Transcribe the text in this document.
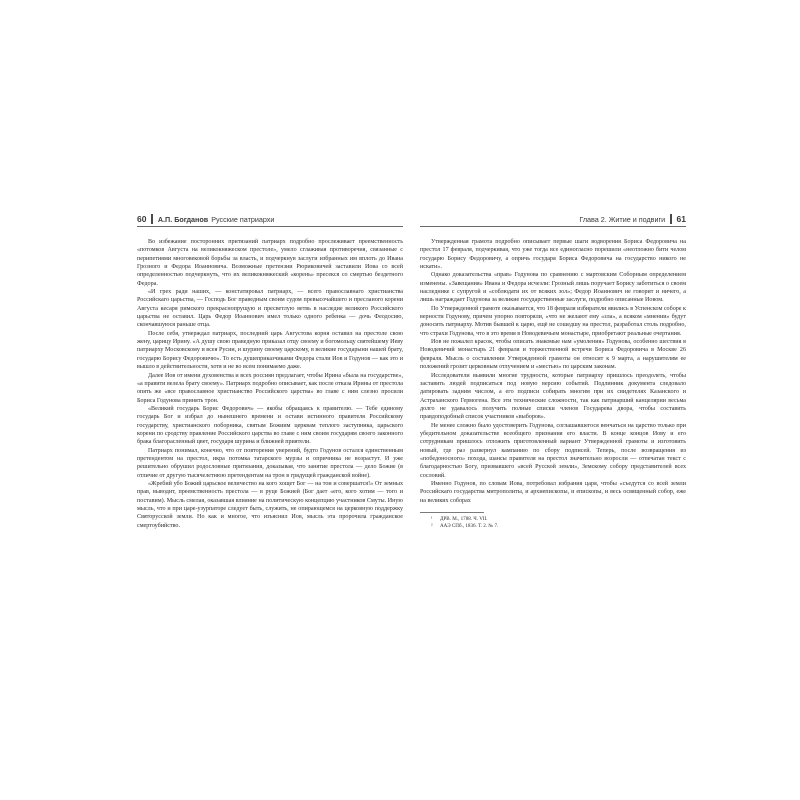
60 А.П. Богданов Русские патриархи

Во избежание посторонних притязаний патриарх подробно прослеживает преемственность «потомков Августа на великокняжеском престоле», умело сглаживая противоречия, связанные с перипетиями многовековой борьбы за власть, и подчеркнув заслуги избранных им вплоть до Ивана Грозного и Федора Иоанновича. Возможные претензии Рюриковичей заставили Иова со всей определенностью подчеркнуть, что их великокняжеский «корень» пресекся со смертью бездетного Федора.

«И грех ради наших, — констатировал патриарх, — всего православнаго христианства Российскаго царьства, — Господь Бог праведным своим судом превысочайшего и пресланого корени Августа кесаря римского прекраснопрущую и пресветлую ветвь в наследие великого Российского царьства не оставил. Царь Федор Иоаннович имел только одного ребенка — дочь Феодосию, скончавшуюся раньше отца.

После себя, утверждал патриарх, последний царь Августова корня оставил на престоле свою жену, царицу Ирину. «А душу свою праведную приказал отцу своему и богомольцу святейшему Иеву патриарху Московскому и всея Русии, и шурину своему царскому, в великие государыни нашей брату, государю Борису Федоровичю». То есть душеприказчиками Федора стали Иов и Годунов — как это и вышло в действительности, хотя и не во всем понимаемо даже.

Далее Иов от имени духовенства и всех россиян предлагает, чтобы Ирина «была на государстве», «а правити велела брату своему». Патриарх подробно описывает, как после отказа Ирины от престола опять же «все православное христианство Российского царства» во главе с ним слезно просили Бориса Годунова принять трон.

«Великий государь Борис Федорович» — якобы обращаясь к правителю. — Тебе единому государь Бог и избрал до нынешнего времени и остави истинного правителя Российскому государству, христианского поборника, святым Божиим церквам теплого заступника, царьского корени по сродству правление Российского царства во главе с ним своим государям своего законного брака благорасленный цвет, государя шурина и ближней приятели.

Патриарх понимал, конечно, что от повторения уверений, будто Годунов остался единственным претендентом на престол, икра потомка татарского мурзы и опричника не возрастут. И уже решительно обрушил родословные притязания, доказывая, что занятие престола — дело Божие (в отличие от другую тысячелетнюю претендентам на трон в грядущей гражданской войне).

«Жребий убо Божий царьское величество на кого хощет Бог — на тои и совершатся!» От земных прав, выводит, преемственность престола — в руце Божией (Бог дает «его, кого хотим — того и поставим). Мысль смелая, оказавшая влияние на политическую концепцию участников Смуты. Иную мысль, что и при царе-узурпаторе следует быть, служить, не опирающемся на церковную поддержку Святорусской земли. Но как и многое, что изъяснил Иов, мысль эта пророчила гражданское смертоубийство.

Глава 2. Житие и подвиги 61

Утвержденная грамота подробно описывает первые шаги водворения Бориса Федоровича на престол 17 февраля, подчеркивая, что уже тогда все единогласно порешили «неотложно бити челом государю Борису Федоровичу, а опричь государя Бориса Федоровича на государство никого не искати».

Однако доказательства «прав» Годунова по сравнению с мартовским Соборным определением изменены. «Завещания» Ивана и Федора исчезли: Грозный лишь поручает Борису заботиться о своем наследнике с супругой и «соблюдати их от всяких зол»; Федор Иоаннович не говорит и ничего, а лишь награждает Годунова за великие государственные заслуги, подробно описанные Иовом.

По Утвержденной грамоте оказывается, что 18 февраля избиратели явились в Успенском соборе к верности Годунову, причем упорно повторяли, «что не желают ему «зла», а всяком «мнении» будут доносить патриарху. Мотив бывшей к царю, ещё не сошедшу на престол, разработал столь подробно, что страхи Годунова, что в это время в Новодевичьем монастыре, приобретают реальные очертания.

Иов не пожалел красок, чтобы описать знакомые нам «умоления» Годунова, особенно шествия в Новодевичий монастырь 21 февраля и торжественной встречи Бориса Федоровича в Москве 26 февраля. Мысль о составлении Утвержденной грамоты он относит к 9 марта, а нарушителям ее положений грозит церковным отлучением и «местью» по царским законам.

Исследователи выявили многие трудности, которые патриарху пришлось преодолеть, чтобы заставить людей подписаться под новую версию событий. Подлинник документа следовало датировать задним числом, а его подписи собирать многим при их свидетелях Казанского и Астраханского Гермогена. Все эти технические сложности, так как патриарший канцелярии весьма долго не удавалось получить полные списки членов Государева двора, чтобы составить правдоподобный список участников «выборов».

Не менее сложно было удостоверить Годунова, соглашавшегося венчаться на царство только при убедительном доказательстве всеобщего признания его власти. В конце концов Иову и его сотрудникам пришлось отложить приготовленный вариант Утвержденной грамоты и изготовить новый, где раз развернул кампанию по сбору подписей. Теперь, после возвращения из «победоносного» похода, шансы правителя на престол значительно возросли — отпечатан текст с благодарностью Богу, призвавшего «всей Русской земли», Земскому собору представителей всех сословий.

Именно Годунов, по словам Иова, потребовал избрания царя, чтобы «съедутся со всей земли Российскаго государства митрополиты, и архиепископы, и епископы, и весь освященный собор, еже на великих соборах

¹	ДРВ. М., 1788. Ч. VII.
²	ААЭ СПб., 1836. Т. 2. № 7.
